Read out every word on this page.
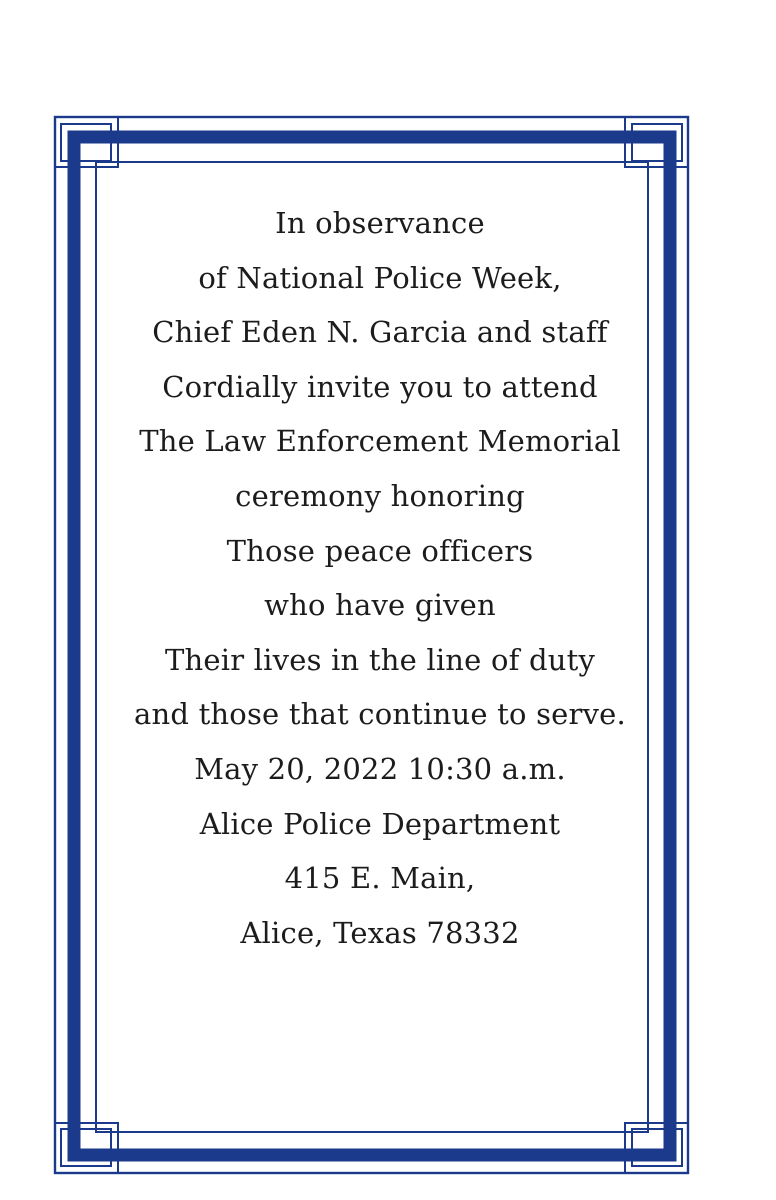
In observance
of National Police Week,
Chief Eden N. Garcia and staff
Cordially invite you to attend
The Law Enforcement Memorial
ceremony honoring
Those peace officers
who have given
Their lives in the line of duty
and those that continue to serve.
May 20, 2022 10:30 a.m.
Alice Police Department
415 E. Main,
Alice, Texas 78332
